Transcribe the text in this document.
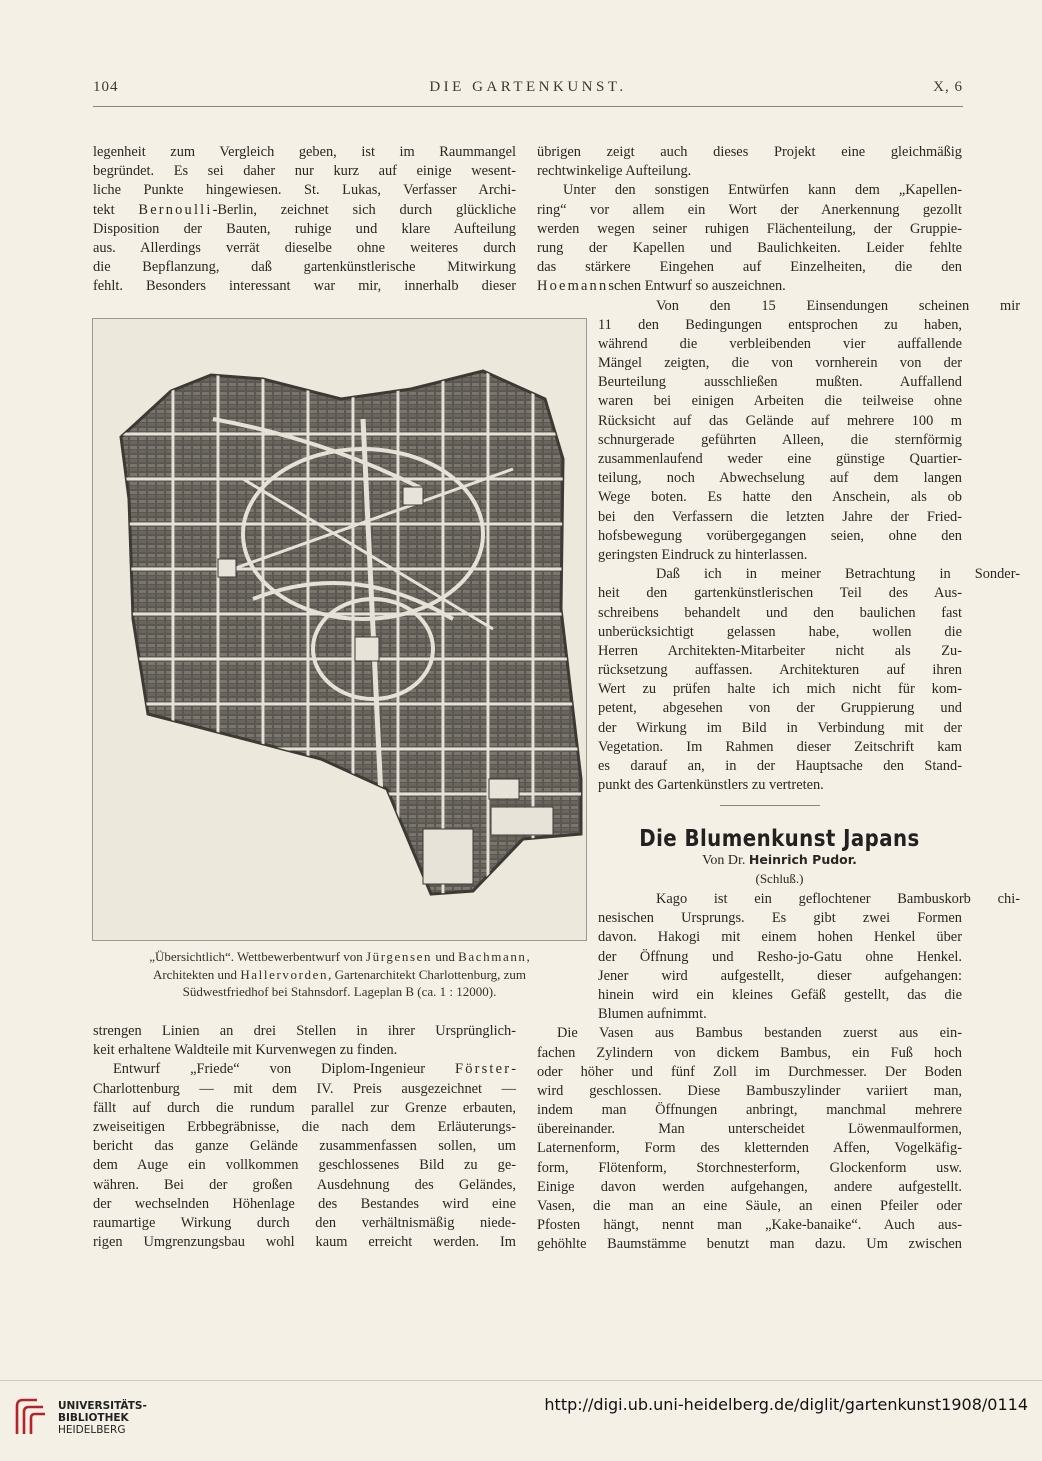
104	DIE GARTENKUNST.	X, 6
legenheit zum Vergleich geben, ist im Raummangel
begründet. Es sei daher nur kurz auf einige wesent-
liche Punkte hingewiesen. St. Lukas, Verfasser Archi-
tekt Bernoulli-Berlin, zeichnet sich durch glückliche
Disposition der Bauten, ruhige und klare Aufteilung
aus. Allerdings verrät dieselbe ohne weiteres durch
die Bepflanzung, daß gartenkünstlerische Mitwirkung
fehlt. Besonders interessant war mir, innerhalb dieser
übrigen zeigt auch dieses Projekt eine gleichmäßig
rechtwinkelige Aufteilung.
Unter den sonstigen Entwürfen kann dem „Kapellen-
ring“ vor allem ein Wort der Anerkennung gezollt
werden wegen seiner ruhigen Flächenteilung, der Gruppie-
rung der Kapellen und Baulichkeiten. Leider fehlte
das stärkere Eingehen auf Einzelheiten, die den
Hoemannschen Entwurf so auszeichnen.
Von den 15 Einsendungen scheinen mir
11 den Bedingungen entsprochen zu haben,
während die verbleibenden vier auffallende
Mängel zeigten, die von vornherein von der
Beurteilung ausschließen mußten. Auffallend
waren bei einigen Arbeiten die teilweise ohne
Rücksicht auf das Gelände auf mehrere 100 m
schnurgerade geführten Alleen, die sternförmig
zusammenlaufend weder eine günstige Quartier-
teilung, noch Abwechselung auf dem langen
Wege boten. Es hatte den Anschein, als ob
bei den Verfassern die letzten Jahre der Fried-
hofsbewegung vorübergegangen seien, ohne den
geringsten Eindruck zu hinterlassen.
Daß ich in meiner Betrachtung in Sonder-
heit den gartenkünstlerischen Teil des Aus-
schreibens behandelt und den baulichen fast
unberücksichtigt gelassen habe, wollen die
Herren Architekten-Mitarbeiter nicht als Zu-
rücksetzung auffassen. Architekturen auf ihren
Wert zu prüfen halte ich mich nicht für kom-
petent, abgesehen von der Gruppierung und
der Wirkung im Bild in Verbindung mit der
Vegetation. Im Rahmen dieser Zeitschrift kam
es darauf an, in der Hauptsache den Stand-
punkt des Gartenkünstlers zu vertreten.
„Übersichtlich“. Wettbewerbentwurf von Jürgensen und Bachmann,
Architekten und Hallervorden, Gartenarchitekt Charlottenburg, zum
Südwestfriedhof bei Stahnsdorf. Lageplan B (ca. 1 : 12000).
strengen Linien an drei Stellen in ihrer Ursprünglich-
keit erhaltene Waldteile mit Kurvenwegen zu finden.
Entwurf „Friede“ von Diplom-Ingenieur Förster-
Charlottenburg — mit dem IV. Preis ausgezeichnet —
fällt auf durch die rundum parallel zur Grenze erbauten,
zweiseitigen Erbbegräbnisse, die nach dem Erläuterungs-
bericht das ganze Gelände zusammenfassen sollen, um
dem Auge ein vollkommen geschlossenes Bild zu ge-
währen. Bei der großen Ausdehnung des Geländes,
der wechselnden Höhenlage des Bestandes wird eine
raumartige Wirkung durch den verhältnismäßig niede-
rigen Umgrenzungsbau wohl kaum erreicht werden. Im
Die Blumenkunst Japans
Von Dr. Heinrich Pudor.
(Schluß.)
Kago ist ein geflochtener Bambuskorb chi-
nesischen Ursprungs. Es gibt zwei Formen
davon. Hakogi mit einem hohen Henkel über
der Öffnung und Resho-jo-Gatu ohne Henkel.
Jener wird aufgestellt, dieser aufgehangen:
hinein wird ein kleines Gefäß gestellt, das die
Blumen aufnimmt.
Die Vasen aus Bambus bestanden zuerst aus ein-
fachen Zylindern von dickem Bambus, ein Fuß hoch
oder höher und fünf Zoll im Durchmesser. Der Boden
wird geschlossen. Diese Bambuszylinder variiert man,
indem man Öffnungen anbringt, manchmal mehrere
übereinander. Man unterscheidet Löwenmaulformen,
Laternenform, Form des kletternden Affen, Vogelkäfig-
form, Flötenform, Storchnesterform, Glockenform usw.
Einige davon werden aufgehangen, andere aufgestellt.
Vasen, die man an eine Säule, an einen Pfeiler oder
Pfosten hängt, nennt man „Kake-banaike“. Auch aus-
gehöhlte Baumstämme benutzt man dazu. Um zwischen
UNIVERSITÄTS-
BIBLIOTHEK
HEIDELBERG
http://digi.ub.uni-heidelberg.de/diglit/gartenkunst1908/0114
